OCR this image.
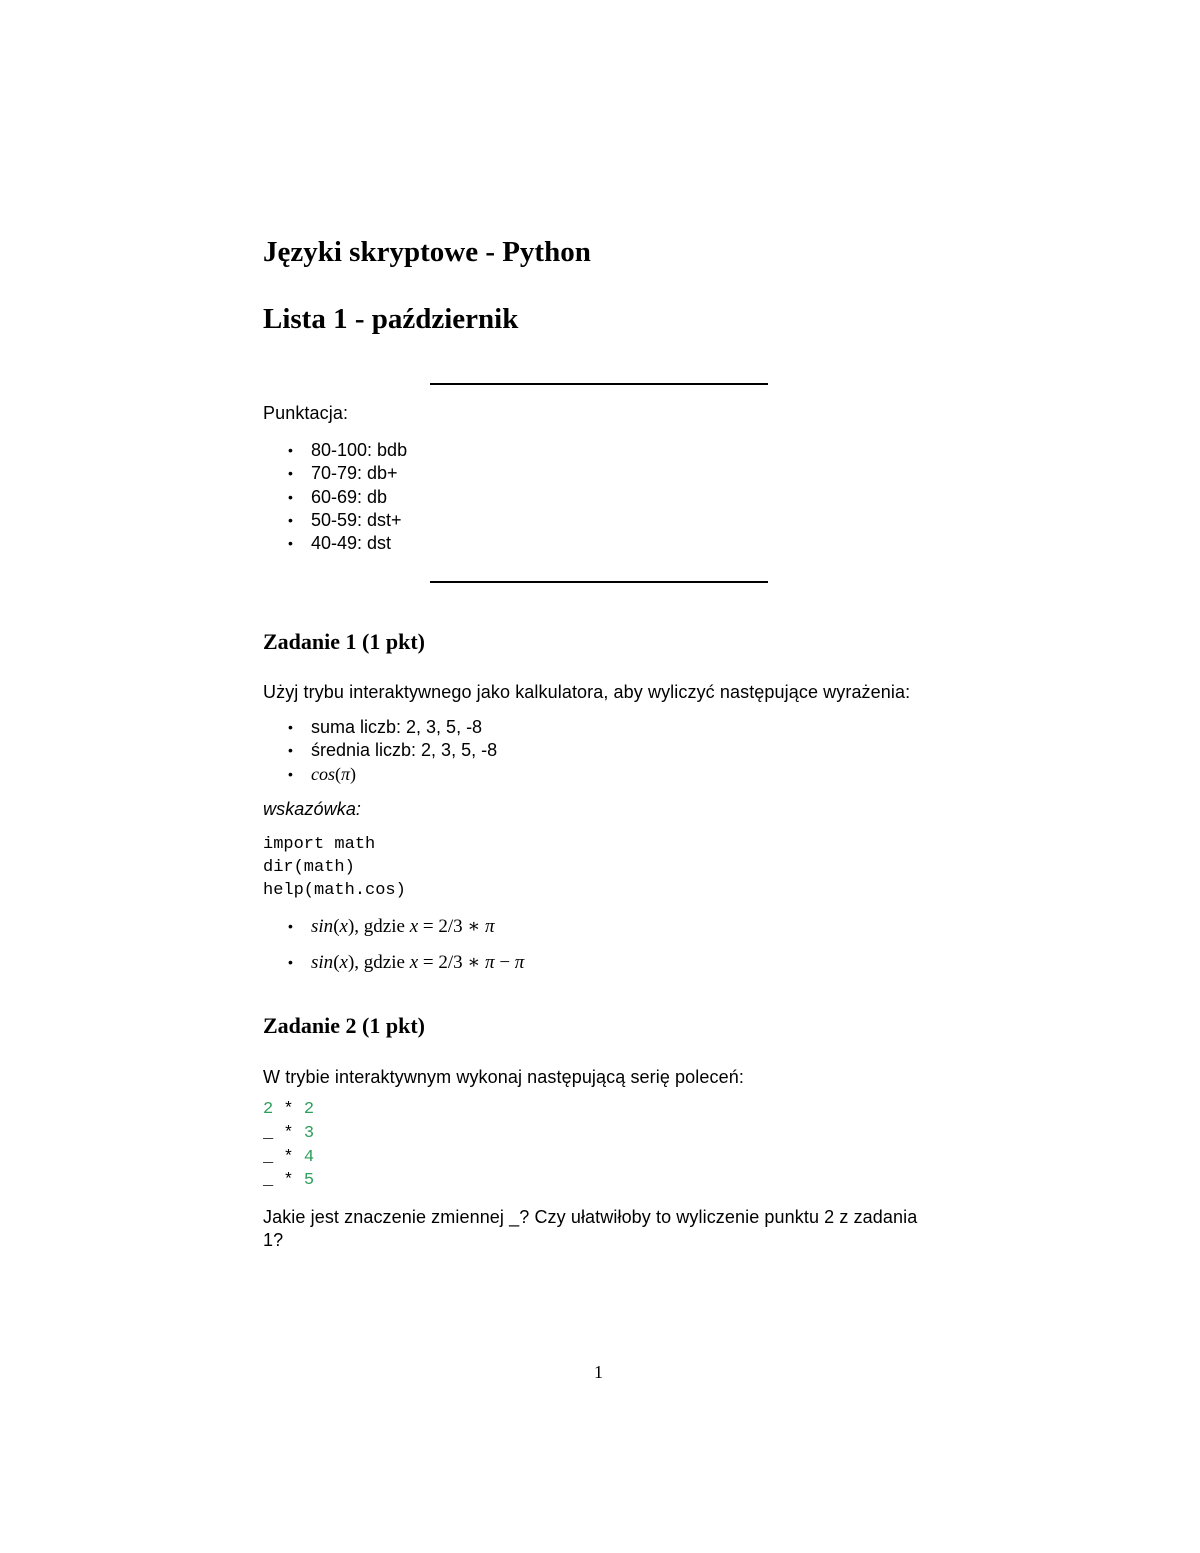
Języki skryptowe - Python
Lista 1 - październik
Punktacja:
• 80-100: bdb
• 70-79: db+
• 60-69: db
• 50-59: dst+
• 40-49: dst
Zadanie 1 (1 pkt)
Użyj trybu interaktywnego jako kalkulatora, aby wyliczyć następujące wyrażenia:
• suma liczb: 2, 3, 5, -8
• średnia liczb: 2, 3, 5, -8
• cos(π)
wskazówka:
import math
dir(math)
help(math.cos)
• sin(x), gdzie x = 2/3 ∗ π
• sin(x), gdzie x = 2/3 ∗ π − π
Zadanie 2 (1 pkt)
W trybie interaktywnym wykonaj następującą serię poleceń:
2 * 2
_ * 3
_ * 4
_ * 5
Jakie jest znaczenie zmiennej _? Czy ułatwiłoby to wyliczenie punktu 2 z zadania
1?
1
